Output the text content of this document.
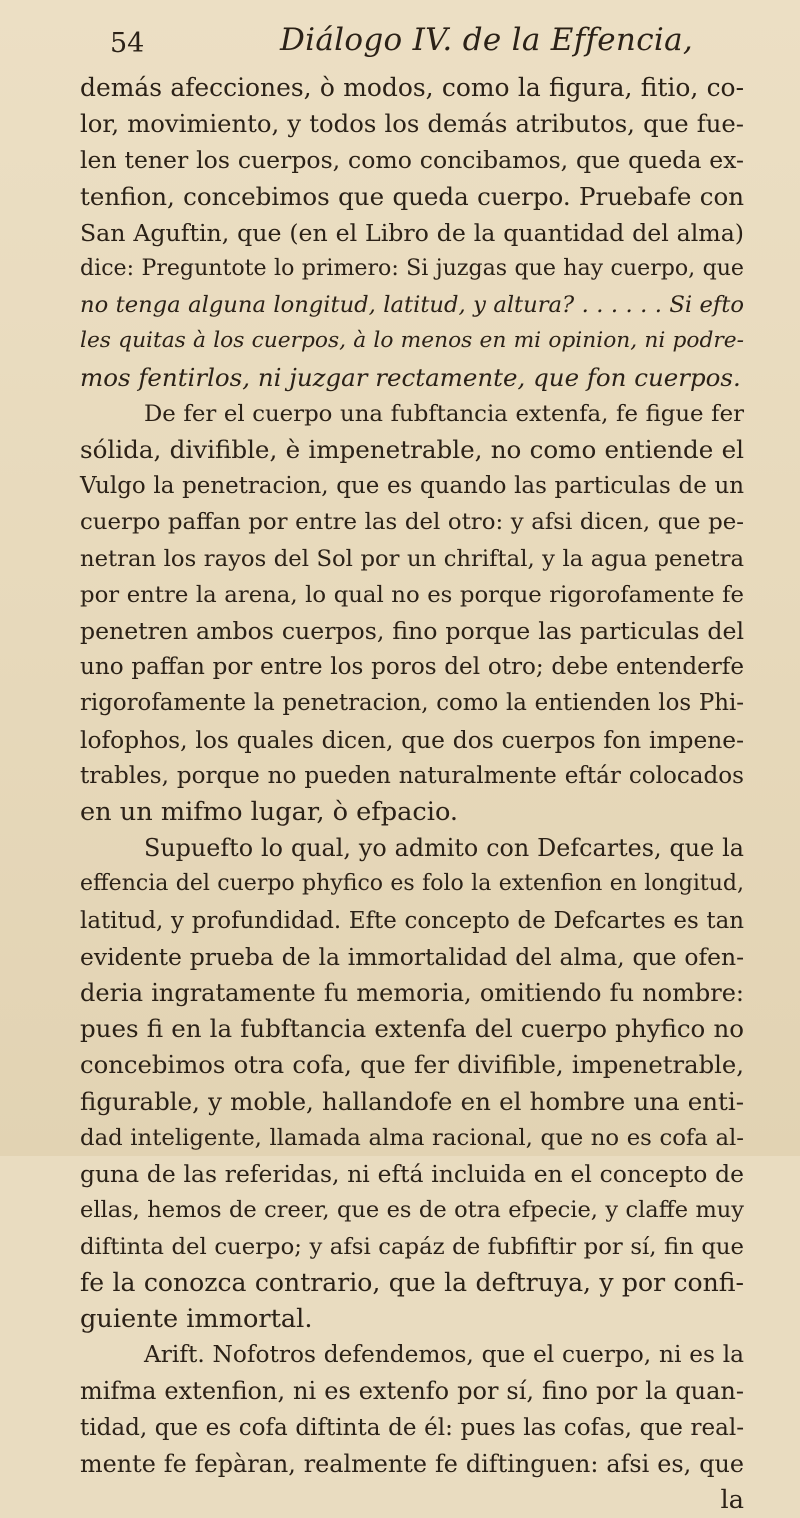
54	Diálogo IV. de la Effencia,
demás afecciones, ò modos, como la figura, fitio, co-
lor, movimiento, y todos los demás atributos, que fue-
len tener los cuerpos, como concibamos, que queda ex-
tenfion, concebimos que queda cuerpo. Pruebafe con
San Aguftin, que (en el Libro de la quantidad del alma)
dice: Preguntote lo primero: Si juzgas que hay cuerpo, que
no tenga alguna longitud, latitud, y altura? . . . . . . Si efto
les quitas à los cuerpos, à lo menos en mi opinion, ni podre-
mos fentirlos, ni juzgar rectamente, que fon cuerpos.
De fer el cuerpo una fubftancia extenfa, fe figue fer
sólida, divifible, è impenetrable, no como entiende el
Vulgo la penetracion, que es quando las particulas de un
cuerpo paffan por entre las del otro: y afsi dicen, que pe-
netran los rayos del Sol por un chriftal, y la agua penetra
por entre la arena, lo qual no es porque rigorofamente fe
penetren ambos cuerpos, fino porque las particulas del
uno paffan por entre los poros del otro; debe entenderfe
rigorofamente la penetracion, como la entienden los Phi-
lofophos, los quales dicen, que dos cuerpos fon impene-
trables, porque no pueden naturalmente eftár colocados
en un mifmo lugar, ò efpacio.
Supuefto lo qual, yo admito con Defcartes, que la
effencia del cuerpo phyfico es folo la extenfion en longitud,
latitud, y profundidad. Efte concepto de Defcartes es tan
evidente prueba de la immortalidad del alma, que ofen-
deria ingratamente fu memoria, omitiendo fu nombre:
pues fi en la fubftancia extenfa del cuerpo phyfico no
concebimos otra cofa, que fer divifible, impenetrable,
figurable, y moble, hallandofe en el hombre una enti-
dad inteligente, llamada alma racional, que no es cofa al-
guna de las referidas, ni eftá incluida en el concepto de
ellas, hemos de creer, que es de otra efpecie, y claffe muy
diftinta del cuerpo; y afsi capáz de fubfiftir por sí, fin que
fe la conozca contrario, que la deftruya, y por confi-
guiente immortal.
Arift. Nofotros defendemos, que el cuerpo, ni es la
mifma extenfion, ni es extenfo por sí, fino por la quan-
tidad, que es cofa diftinta de él: pues las cofas, que real-
mente fe fepàran, realmente fe diftinguen: afsi es, que
la
